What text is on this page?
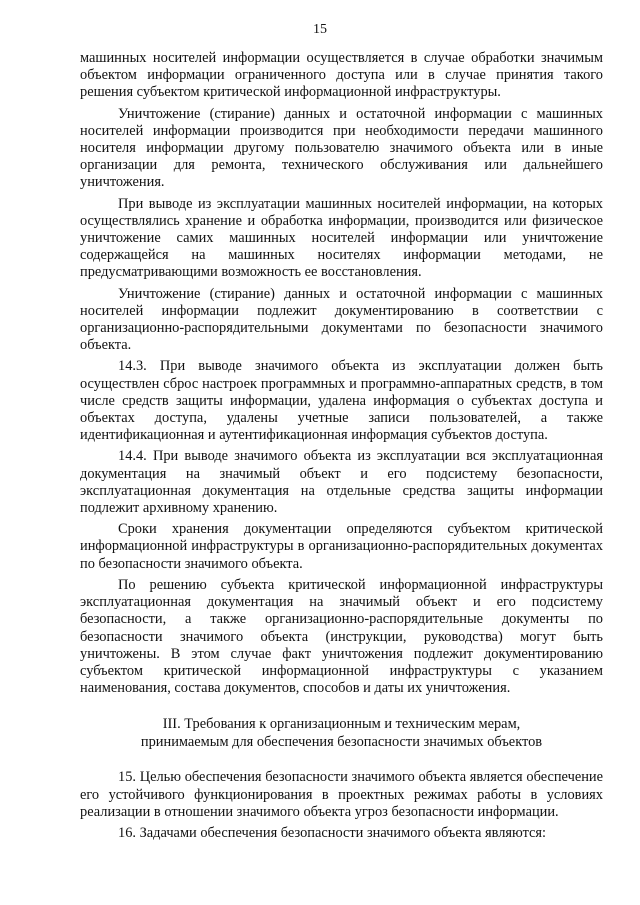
15

машинных носителей информации осуществляется в случае обработки значимым объектом информации ограниченного доступа или в случае принятия такого решения субъектом критической информационной инфраструктуры.

Уничтожение (стирание) данных и остаточной информации с машинных носителей информации производится при необходимости передачи машинного носителя информации другому пользователю значимого объекта или в иные организации для ремонта, технического обслуживания или дальнейшего уничтожения.

При выводе из эксплуатации машинных носителей информации, на которых осуществлялись хранение и обработка информации, производится или физическое уничтожение самих машинных носителей информации или уничтожение содержащейся на машинных носителях информации методами, не предусматривающими возможность ее восстановления.

Уничтожение (стирание) данных и остаточной информации с машинных носителей информации подлежит документированию в соответствии с организационно-распорядительными документами по безопасности значимого объекта.

14.3. При выводе значимого объекта из эксплуатации должен быть осуществлен сброс настроек программных и программно-аппаратных средств, в том числе средств защиты информации, удалена информация о субъектах доступа и объектах доступа, удалены учетные записи пользователей, а также идентификационная и аутентификационная информация субъектов доступа.

14.4. При выводе значимого объекта из эксплуатации вся эксплуатационная документация на значимый объект и его подсистему безопасности, эксплуатационная документация на отдельные средства защиты информации подлежит архивному хранению.

Сроки хранения документации определяются субъектом критической информационной инфраструктуры в организационно-распорядительных документах по безопасности значимого объекта.

По решению субъекта критической информационной инфраструктуры эксплуатационная документация на значимый объект и его подсистему безопасности, а также организационно-распорядительные документы по безопасности значимого объекта (инструкции, руководства) могут быть уничтожены. В этом случае факт уничтожения подлежит документированию субъектом критической информационной инфраструктуры с указанием наименования, состава документов, способов и даты их уничтожения.

III. Требования к организационным и техническим мерам,
принимаемым для обеспечения безопасности значимых объектов

15. Целью обеспечения безопасности значимого объекта является обеспечение его устойчивого функционирования в проектных режимах работы в условиях реализации в отношении значимого объекта угроз безопасности информации.

16. Задачами обеспечения безопасности значимого объекта являются:
